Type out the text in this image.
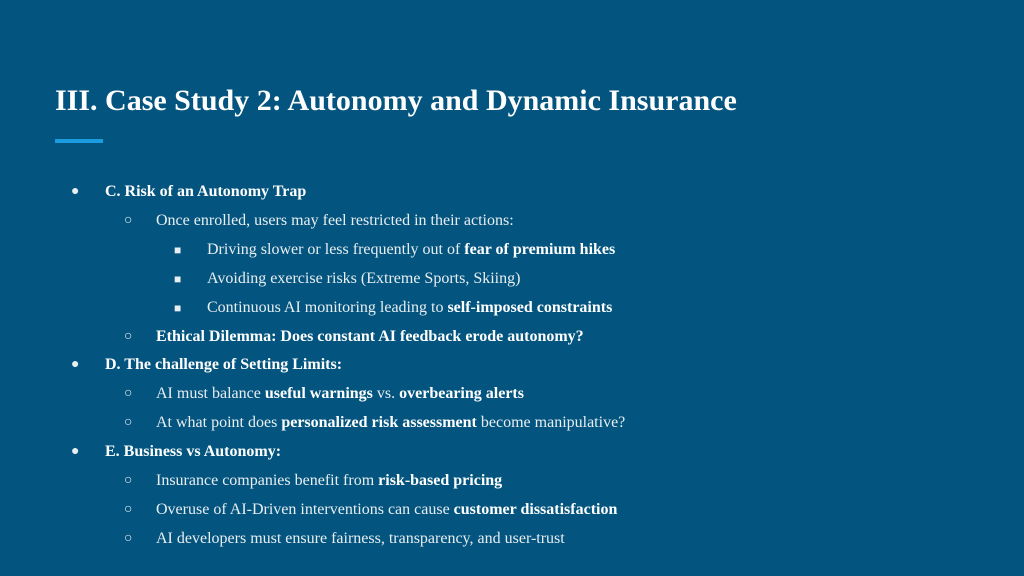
III. Case Study 2: Autonomy and Dynamic Insurance
● C. Risk of an Autonomy Trap
○ Once enrolled, users may feel restricted in their actions:
■ Driving slower or less frequently out of fear of premium hikes
■ Avoiding exercise risks (Extreme Sports, Skiing)
■ Continuous AI monitoring leading to self-imposed constraints
○ Ethical Dilemma: Does constant AI feedback erode autonomy?
● D. The challenge of Setting Limits:
○ AI must balance useful warnings vs. overbearing alerts
○ At what point does personalized risk assessment become manipulative?
● E. Business vs Autonomy:
○ Insurance companies benefit from risk-based pricing
○ Overuse of AI-Driven interventions can cause customer dissatisfaction
○ AI developers must ensure fairness, transparency, and user-trust
